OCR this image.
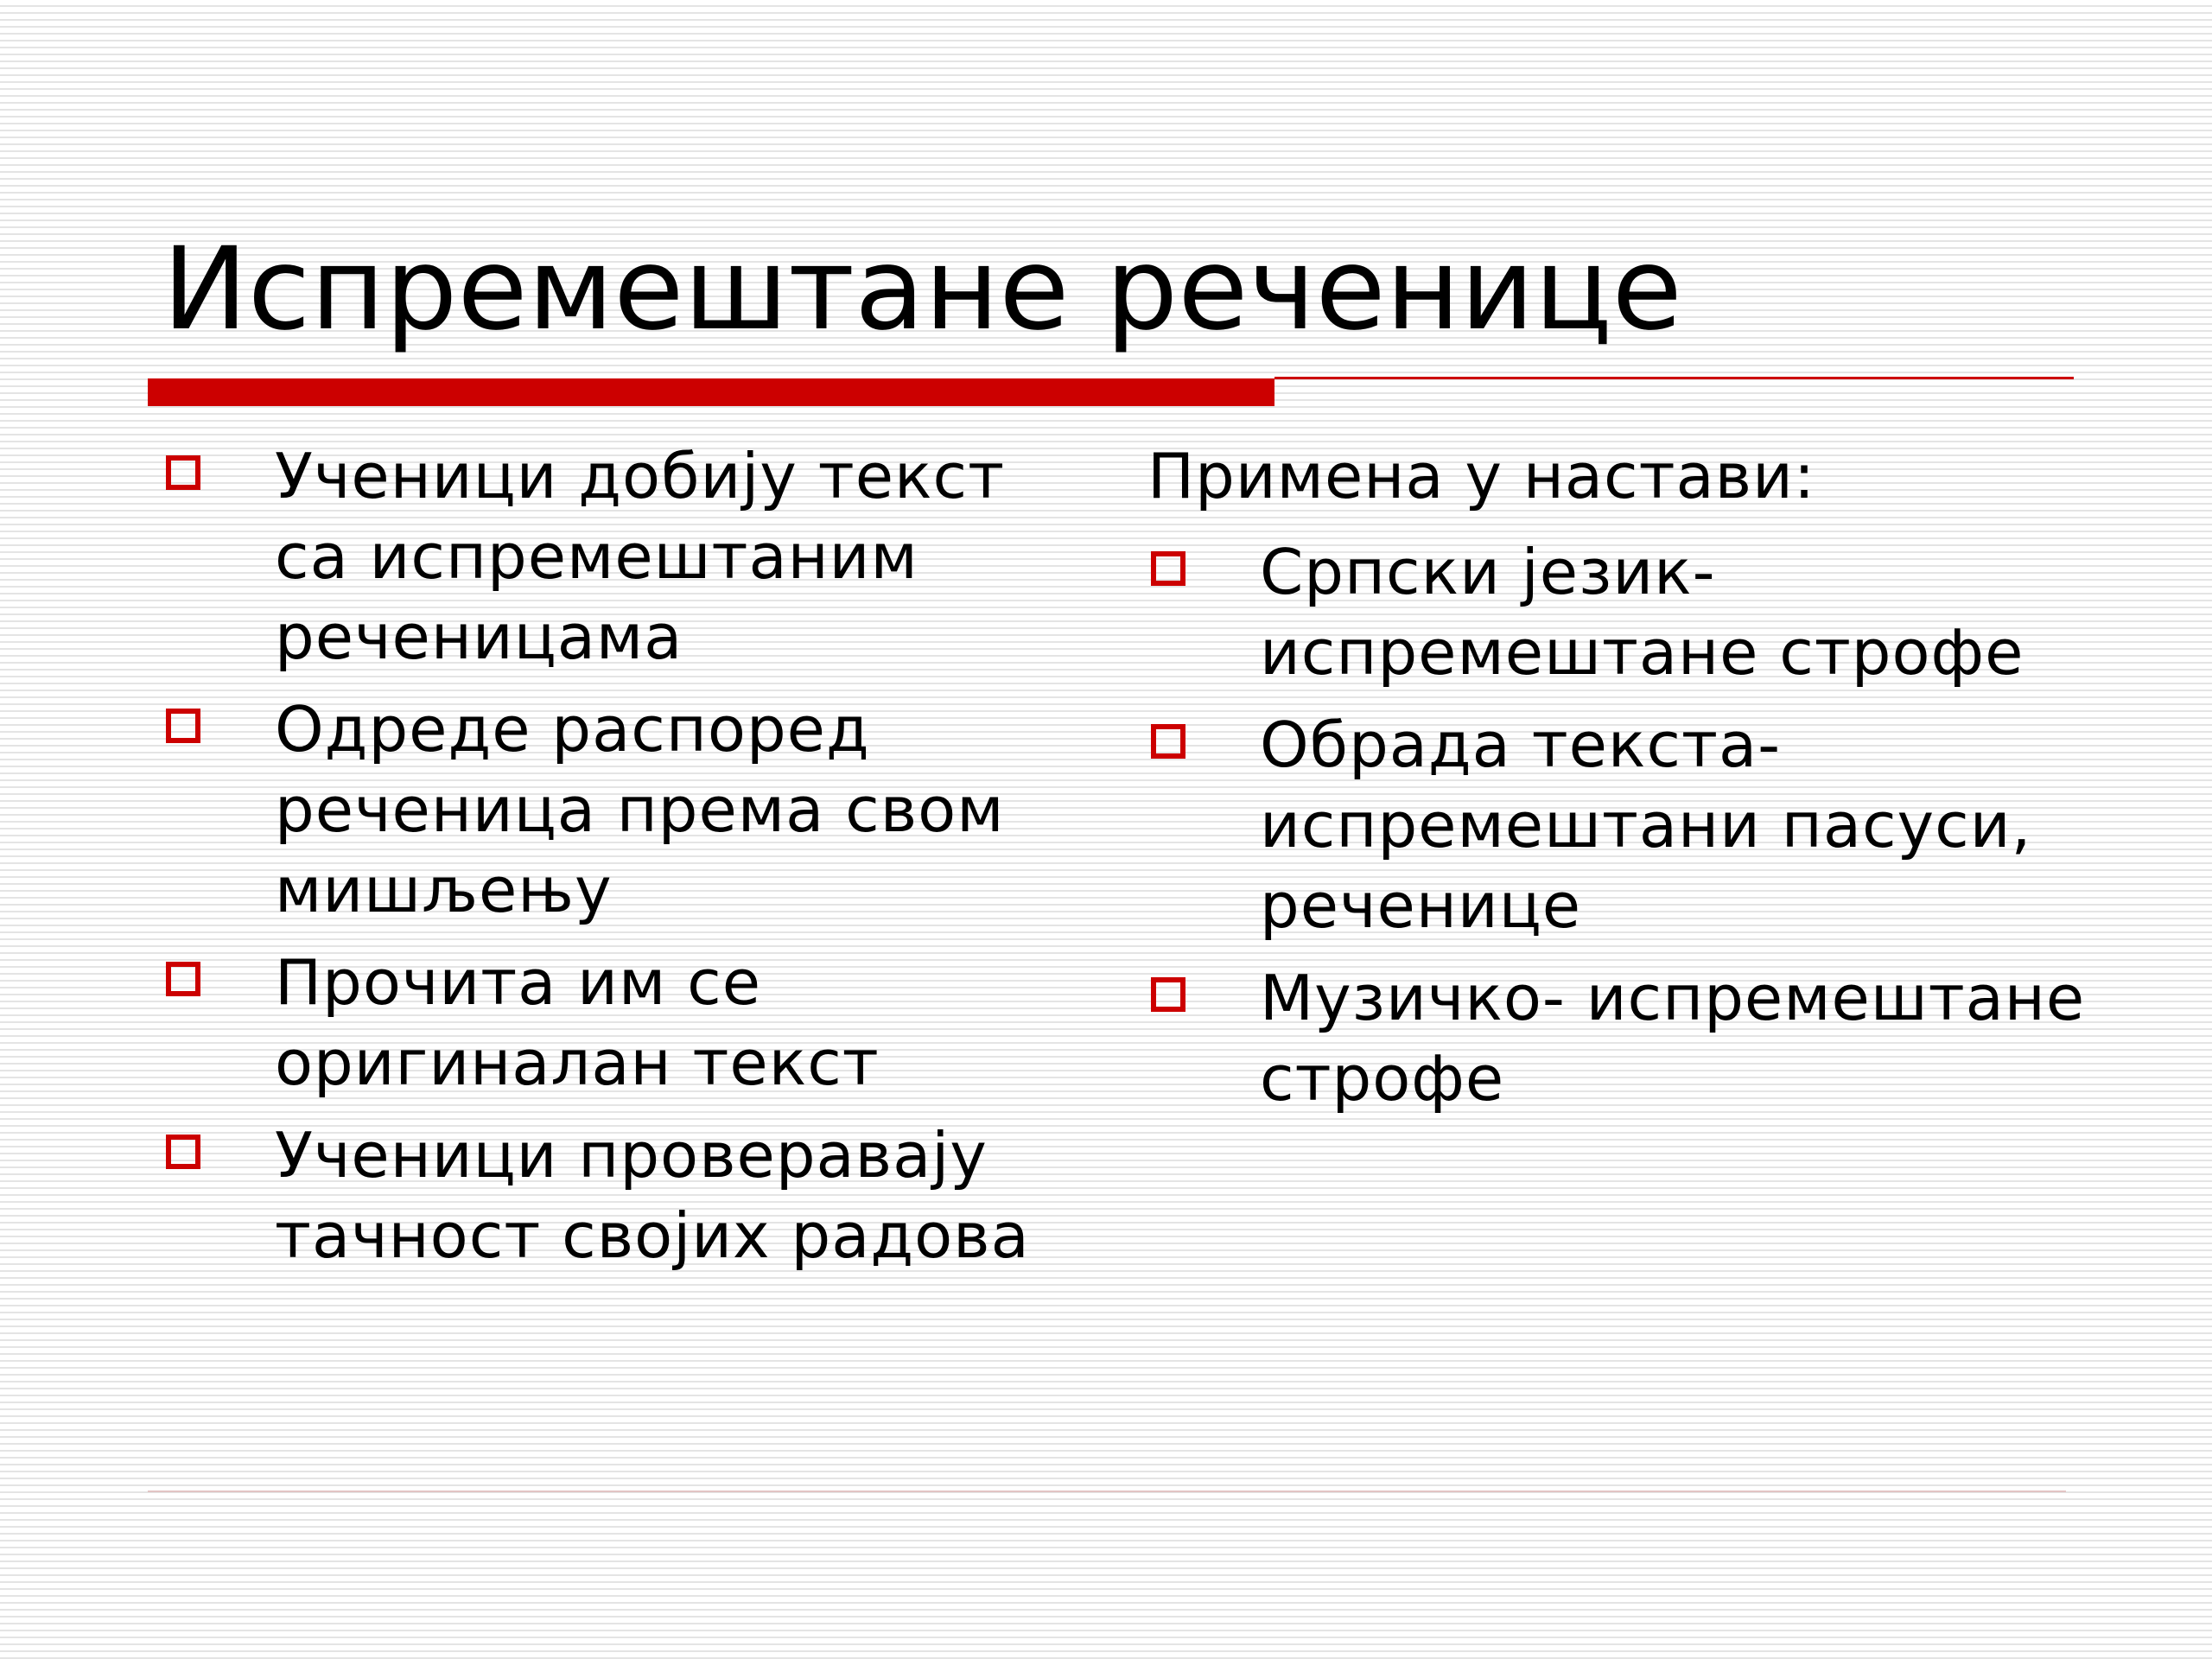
Испремештане реченице
Ученици добију текст са испремештаним реченицама
Одреде распоред реченица према свом мишљењу
Прочита им се оригиналан текст
Ученици проверавају тачност својих радова

Примена у настави:

Српски језик- испремештане строфе
Обрада текста- испремештани пасуси, реченице
Музичко- испремештане строфе
